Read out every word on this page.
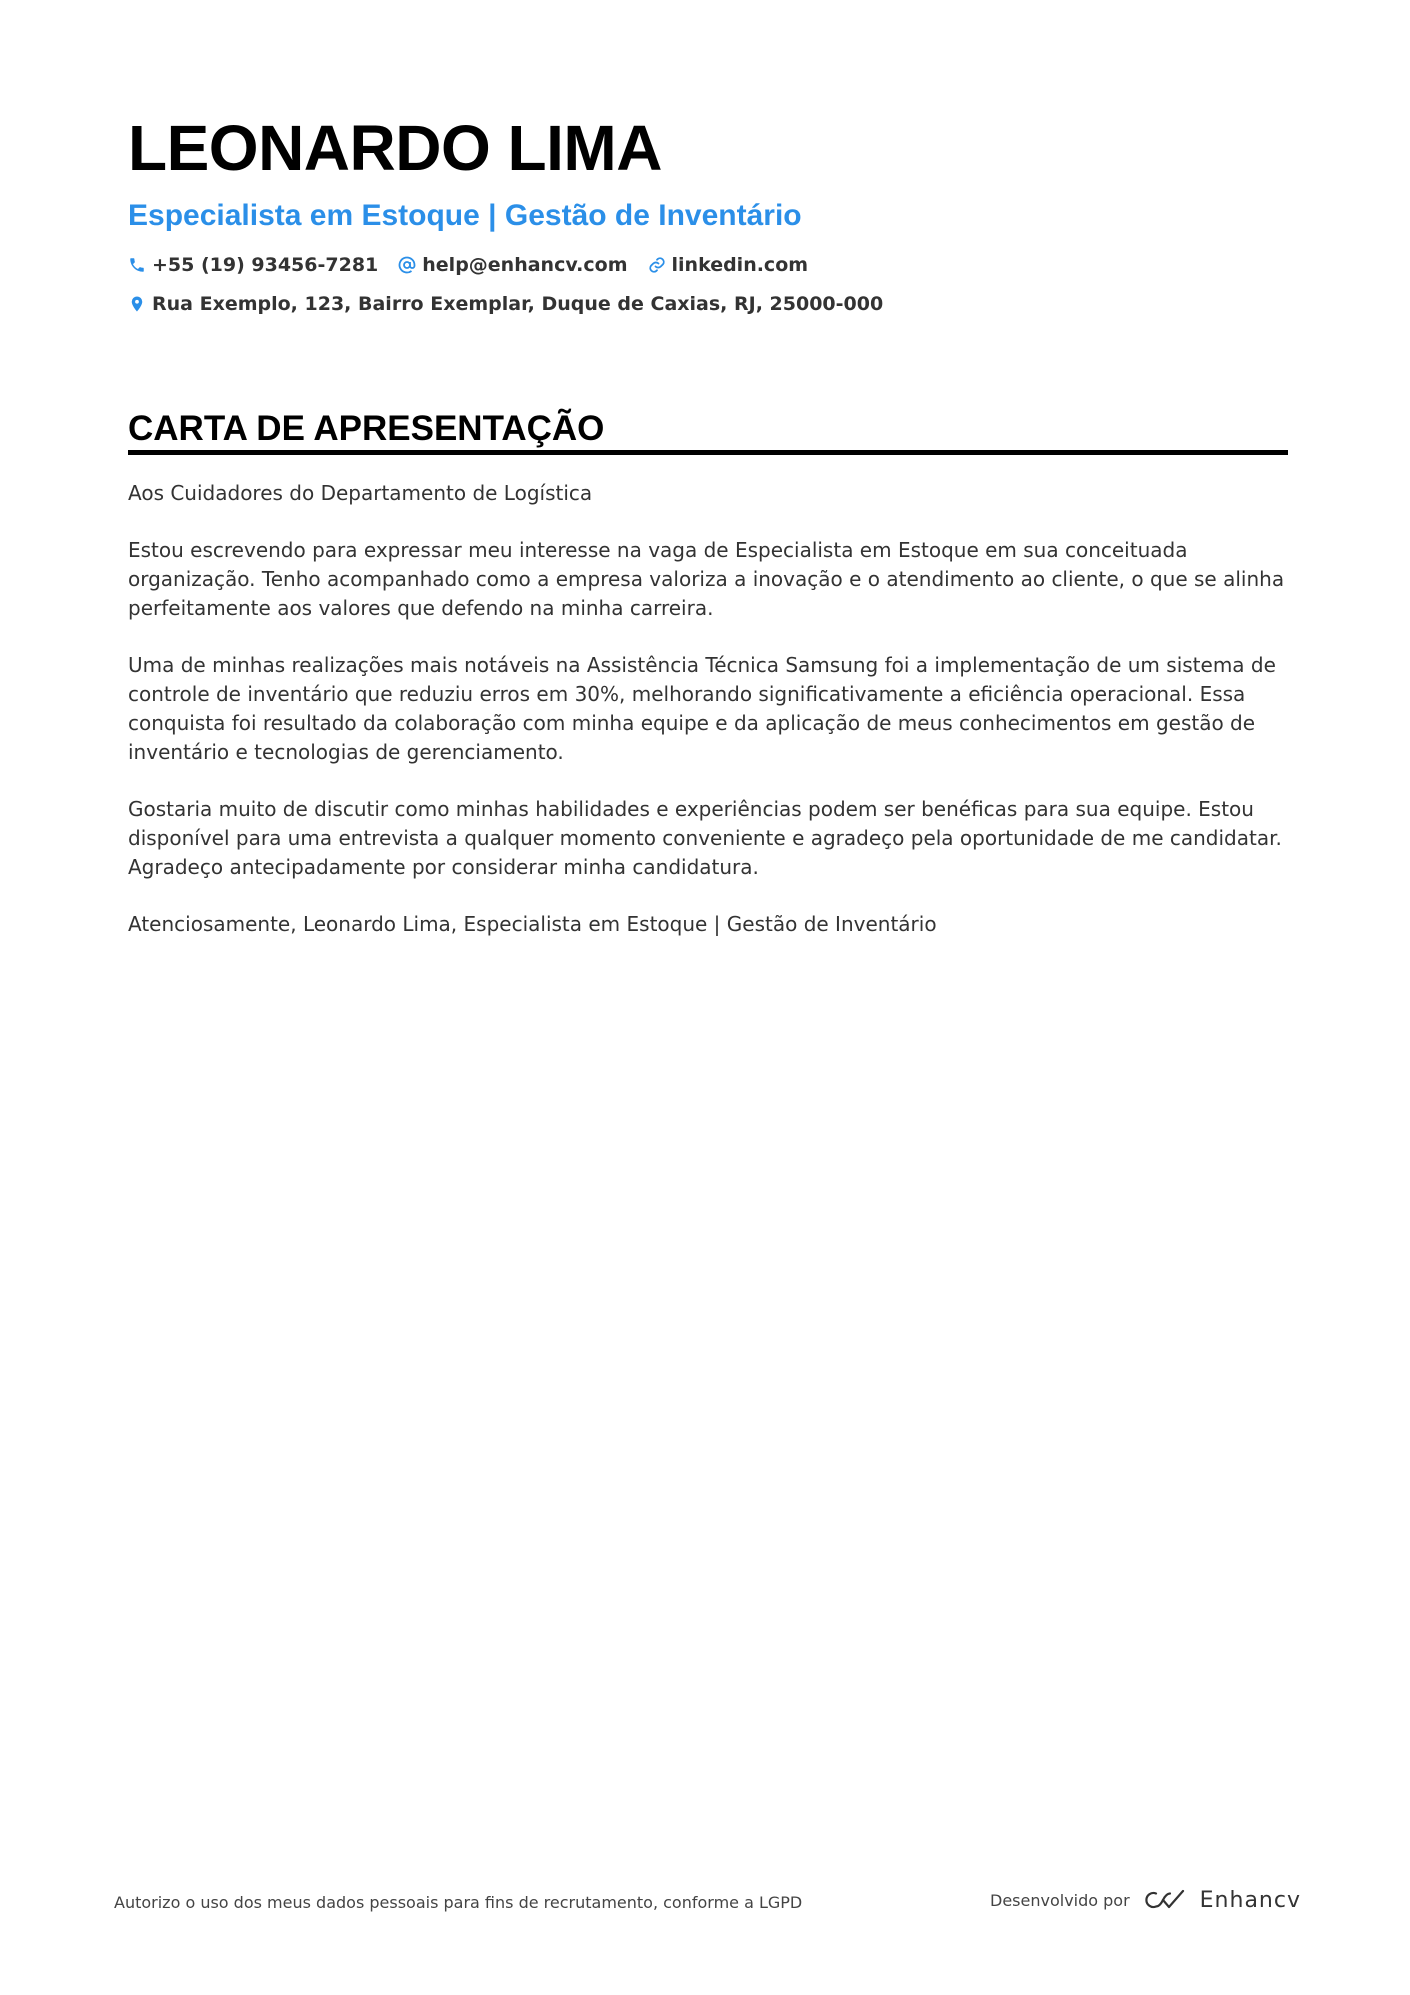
LEONARDO LIMA
Especialista em Estoque | Gestão de Inventário
+55 (19) 93456-7281 help@enhancv.com linkedin.com
Rua Exemplo, 123, Bairro Exemplar, Duque de Caxias, RJ, 25000-000
CARTA DE APRESENTAÇÃO

Aos Cuidadores do Departamento de Logística

Estou escrevendo para expressar meu interesse na vaga de Especialista em Estoque em sua conceituada organização. Tenho acompanhado como a empresa valoriza a inovação e o atendimento ao cliente, o que se alinha perfeitamente aos valores que defendo na minha carreira.

Uma de minhas realizações mais notáveis na Assistência Técnica Samsung foi a implementação de um sistema de controle de inventário que reduziu erros em 30%, melhorando significativamente a eficiência operacional. Essa conquista foi resultado da colaboração com minha equipe e da aplicação de meus conhecimentos em gestão de inventário e tecnologias de gerenciamento.

Gostaria muito de discutir como minhas habilidades e experiências podem ser benéficas para sua equipe. Estou disponível para uma entrevista a qualquer momento conveniente e agradeço pela oportunidade de me candidatar. Agradeço antecipadamente por considerar minha candidatura.

Atenciosamente, Leonardo Lima, Especialista em Estoque | Gestão de Inventário

Autorizo o uso dos meus dados pessoais para fins de recrutamento, conforme a LGPD	Desenvolvido por	Enhancv
